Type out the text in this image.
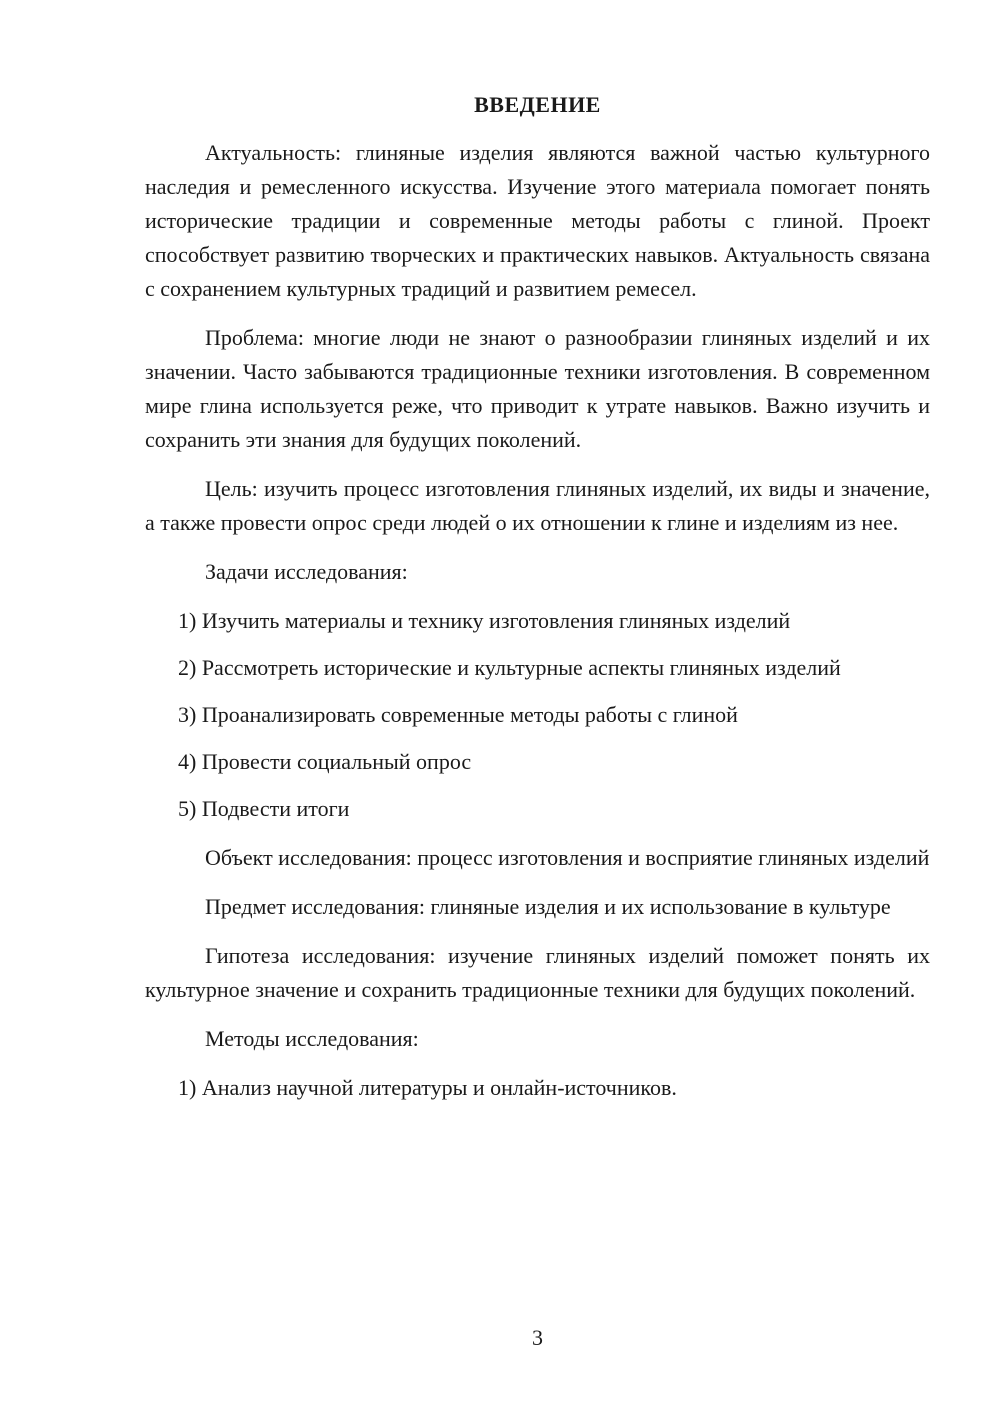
ВВЕДЕНИЕ

Актуальность: глиняные изделия являются важной частью культурного наследия и ремесленного искусства. Изучение этого материала помогает понять исторические традиции и современные методы работы с глиной. Проект способствует развитию творческих и практических навыков. Актуальность связана с сохранением культурных традиций и развитием ремесел.

Проблема: многие люди не знают о разнообразии глиняных изделий и их значении. Часто забываются традиционные техники изготовления. В современном мире глина используется реже, что приводит к утрате навыков. Важно изучить и сохранить эти знания для будущих поколений.

Цель: изучить процесс изготовления глиняных изделий, их виды и значение, а также провести опрос среди людей о их отношении к глине и изделиям из нее.

Задачи исследования:

1) Изучить материалы и технику изготовления глиняных изделий
2) Рассмотреть исторические и культурные аспекты глиняных изделий
3) Проанализировать современные методы работы с глиной
4) Провести социальный опрос
5) Подвести итоги

Объект исследования: процесс изготовления и восприятие глиняных изделий

Предмет исследования: глиняные изделия и их использование в культуре

Гипотеза исследования: изучение глиняных изделий поможет понять их культурное значение и сохранить традиционные техники для будущих поколений.

Методы исследования:

1) Анализ научной литературы и онлайн-источников.
3
